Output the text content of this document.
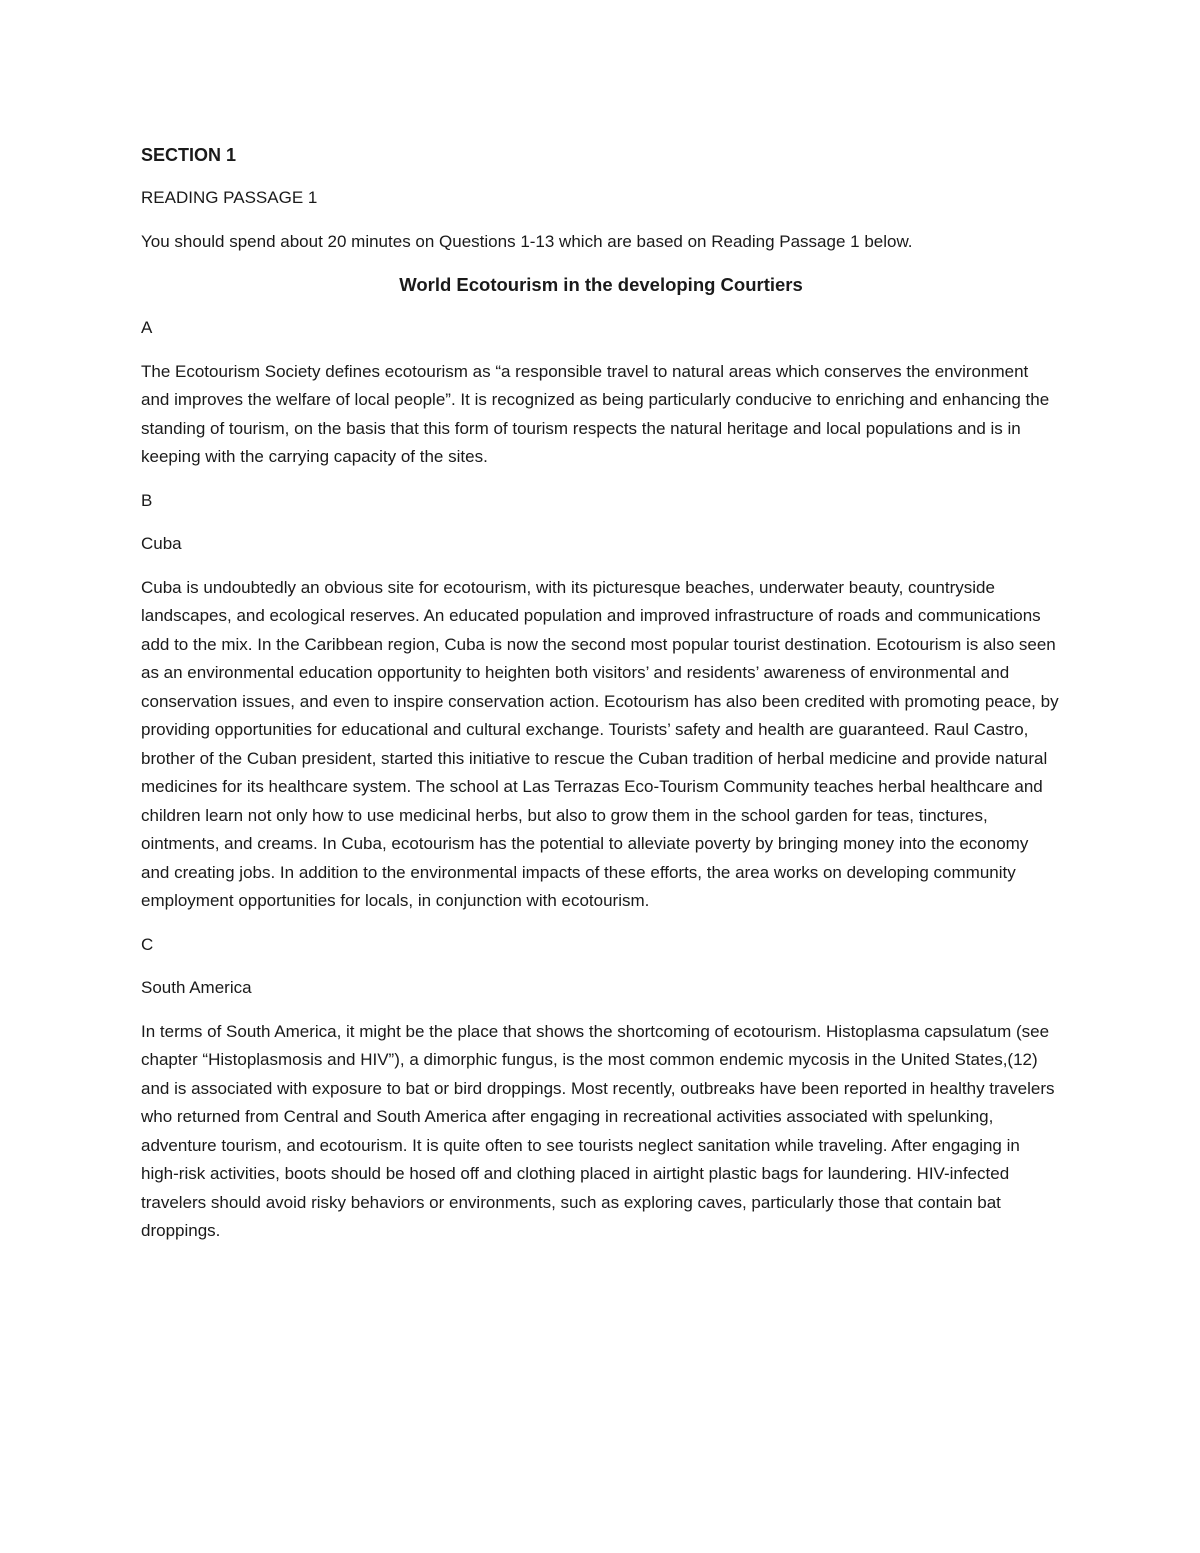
SECTION 1
READING PASSAGE 1
You should spend about 20 minutes on Questions 1-13 which are based on Reading Passage 1 below.
World Ecotourism in the developing Courtiers
A
The Ecotourism Society defines ecotourism as “a responsible travel to natural areas which conserves the environment and improves the welfare of local people”. It is recognized as being particularly conducive to enriching and enhancing the standing of tourism, on the basis that this form of tourism respects the natural heritage and local populations and is in keeping with the carrying capacity of the sites.
B
Cuba
Cuba is undoubtedly an obvious site for ecotourism, with its picturesque beaches, underwater beauty, countryside landscapes, and ecological reserves. An educated population and improved infrastructure of roads and communications add to the mix. In the Caribbean region, Cuba is now the second most popular tourist destination. Ecotourism is also seen as an environmental education opportunity to heighten both visitors’ and residents’ awareness of environmental and conservation issues, and even to inspire conservation action. Ecotourism has also been credited with promoting peace, by providing opportunities for educational and cultural exchange. Tourists’ safety and health are guaranteed. Raul Castro, brother of the Cuban president, started this initiative to rescue the Cuban tradition of herbal medicine and provide natural medicines for its healthcare system. The school at Las Terrazas Eco-Tourism Community teaches herbal healthcare and children learn not only how to use medicinal herbs, but also to grow them in the school garden for teas, tinctures, ointments, and creams. In Cuba, ecotourism has the potential to alleviate poverty by bringing money into the economy and creating jobs. In addition to the environmental impacts of these efforts, the area works on developing community employment opportunities for locals, in conjunction with ecotourism.
C
South America
In terms of South America, it might be the place that shows the shortcoming of ecotourism. Histoplasma capsulatum (see chapter “Histoplasmosis and HIV”), a dimorphic fungus, is the most common endemic mycosis in the United States,(12) and is associated with exposure to bat or bird droppings. Most recently, outbreaks have been reported in healthy travelers who returned from Central and South America after engaging in recreational activities associated with spelunking, adventure tourism, and ecotourism. It is quite often to see tourists neglect sanitation while traveling. After engaging in high-risk activities, boots should be hosed off and clothing placed in airtight plastic bags for laundering. HIV-infected travelers should avoid risky behaviors or environments, such as exploring caves, particularly those that contain bat droppings.
